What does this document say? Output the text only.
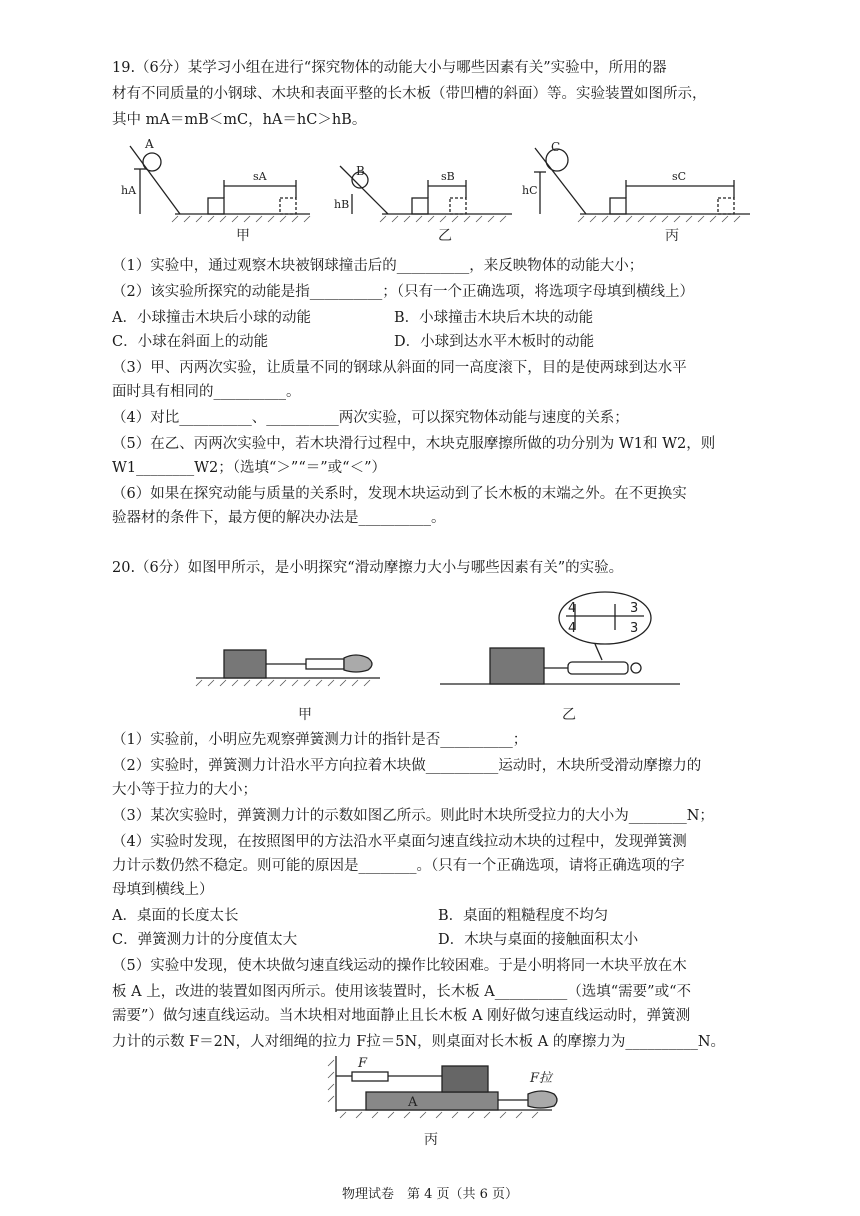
19.（6分）某学习小组在进行“探究物体的动能大小与哪些因素有关”实验中，所用的器
材有不同质量的小钢球、木块和表面平整的长木板（带凹槽的斜面）等。实验装置如图所示，
其中 mA＝mB＜mC，hA＝hC＞hB。
A
B
C
hA
hB
hC
sA	sB	sC
甲	乙	丙
（1）实验中，通过观察木块被钢球撞击后的__________，来反映物体的动能大小；
（2）该实验所探究的动能是指__________；（只有一个正确选项，将选项字母填到横线上）
A．小球撞击木块后小球的动能	B．小球撞击木块后木块的动能
C．小球在斜面上的动能	D．小球到达水平木板时的动能
（3）甲、丙两次实验，让质量不同的钢球从斜面的同一高度滚下，目的是使两球到达水平
面时具有相同的__________。
（4）对比__________、__________两次实验，可以探究物体动能与速度的关系；
（5）在乙、丙两次实验中，若木块滑行过程中，木块克服摩擦所做的功分别为 W1和 W2，则
W1________W2；（选填“＞”“＝”或“＜”）
（6）如果在探究动能与质量的关系时，发现木块运动到了长木板的末端之外。在不更换实
验器材的条件下，最方便的解决办法是__________。
20.（6分）如图甲所示，是小明探究“滑动摩擦力大小与哪些因素有关”的实验。
4	3
4	3
甲	乙
（1）实验前，小明应先观察弹簧测力计的指针是否__________；
（2）实验时，弹簧测力计沿水平方向拉着木块做__________运动时，木块所受滑动摩擦力的
大小等于拉力的大小；
（3）某次实验时，弹簧测力计的示数如图乙所示。则此时木块所受拉力的大小为________N；
（4）实验时发现，在按照图甲的方法沿水平桌面匀速直线拉动木块的过程中，发现弹簧测
力计示数仍然不稳定。则可能的原因是________。（只有一个正确选项，请将正确选项的字
母填到横线上）
A．桌面的长度太长	B．桌面的粗糙程度不均匀
C．弹簧测力计的分度值太大	D．木块与桌面的接触面积太小
（5）实验中发现，使木块做匀速直线运动的操作比较困难。于是小明将同一木块平放在木
板 A 上，改进的装置如图丙所示。使用该装置时，长木板 A__________（选填“需要”或“不
需要”）做匀速直线运动。当木块相对地面静止且长木板 A 刚好做匀速直线运动时，弹簧测
力计的示数 F＝2N，人对细绳的拉力 F拉＝5N，则桌面对长木板 A 的摩擦力为__________N。
F
F拉
A
丙
物理试卷　第 4 页（共 6 页）
